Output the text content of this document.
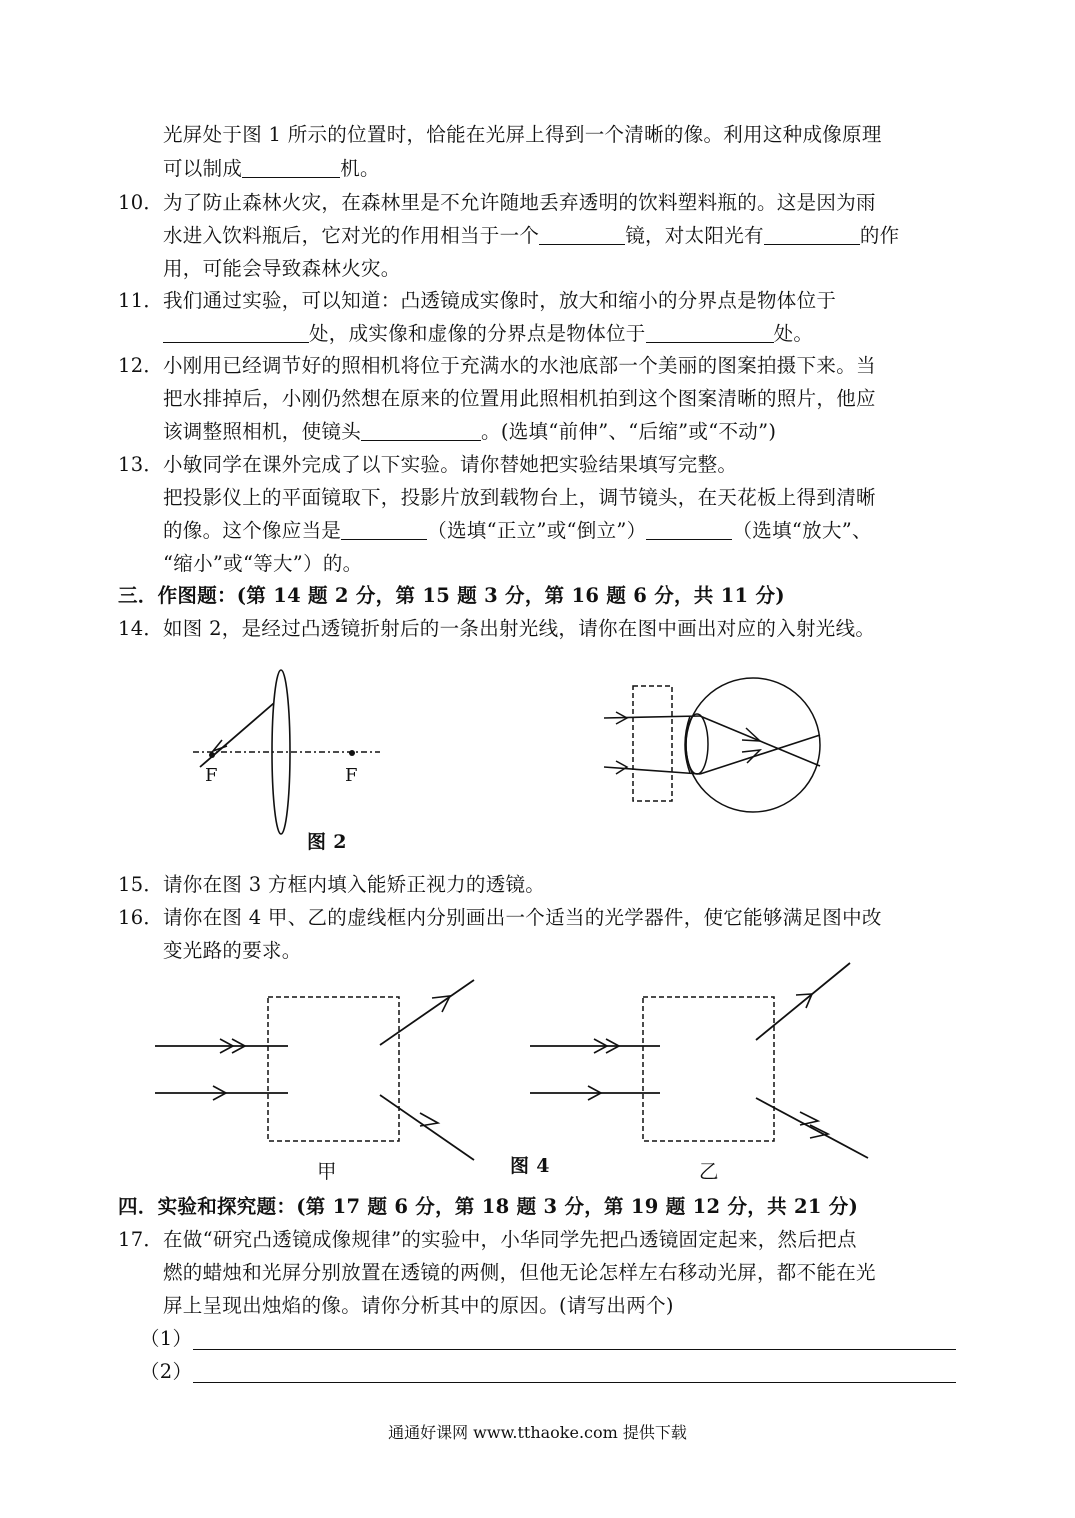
光屏处于图 1 所示的位置时，恰能在光屏上得到一个清晰的像。利用这种成像原理
可以制成	机。
10． 为了防止森林火灾，在森林里是不允许随地丢弃透明的饮料塑料瓶的。这是因为雨
水进入饮料瓶后，它对光的作用相当于一个	镜，对太阳光有	的作
用，可能会导致森林火灾。
11． 我们通过实验，可以知道：凸透镜成实像时，放大和缩小的分界点是物体位于
处，成实像和虚像的分界点是物体位于	处。
12． 小刚用已经调节好的照相机将位于充满水的水池底部一个美丽的图案拍摄下来。当
把水排掉后，小刚仍然想在原来的位置用此照相机拍到这个图案清晰的照片，他应
该调整照相机，使镜头	。(选填“前伸”、“后缩”或“不动”)
13． 小敏同学在课外完成了以下实验。请你替她把实验结果填写完整。
把投影仪上的平面镜取下，投影片放到载物台上，调节镜头，在天花板上得到清晰
的像。这个像应当是	（选填“正立”或“倒立”）	（选填“放大”、
“缩小”或“等大”）的。
三．作图题：(第 14 题 2 分，第 15 题 3 分，第 16 题 6 分，共 11 分)
14． 如图 2，是经过凸透镜折射后的一条出射光线，请你在图中画出对应的入射光线。
F	F
图 2
15． 请你在图 3 方框内填入能矫正视力的透镜。
16． 请你在图 4 甲、乙的虚线框内分别画出一个适当的光学器件，使它能够满足图中改
变光路的要求。
甲	图 4	乙
四．实验和探究题：(第 17 题 6 分，第 18 题 3 分，第 19 题 12 分，共 21 分)
17． 在做“研究凸透镜成像规律”的实验中，小华同学先把凸透镜固定起来，然后把点
燃的蜡烛和光屏分别放置在透镜的两侧，但他无论怎样左右移动光屏，都不能在光
屏上呈现出烛焰的像。请你分析其中的原因。(请写出两个)
（1）
（2）
通通好课网 www.tthaoke.com 提供下载
